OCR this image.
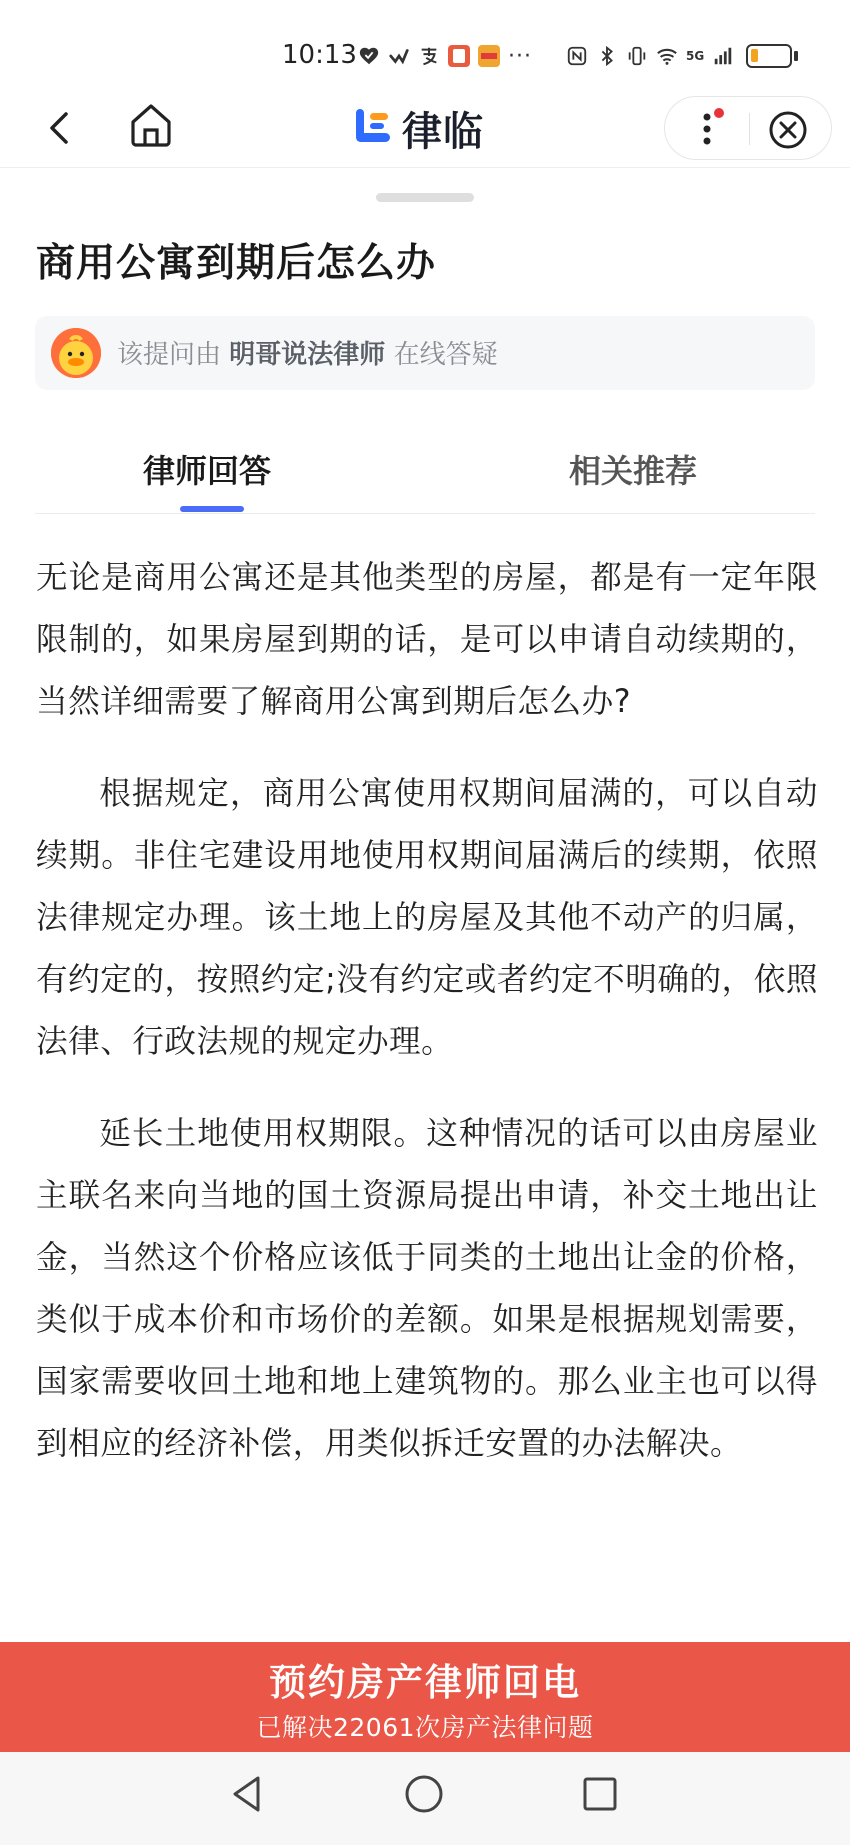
10:13	···	5G
律临
商用公寓到期后怎么办
该提问由 明哥说法律师 在线答疑
律师回答	相关推荐

无论是商用公寓还是其他类型的房屋，都是有一定年限限制的，如果房屋到期的话，是可以申请自动续期的，当然详细需要了解商用公寓到期后怎么办?

根据规定，商用公寓使用权期间届满的，可以自动续期。非住宅建设用地使用权期间届满后的续期，依照法律规定办理。该土地上的房屋及其他不动产的归属，有约定的，按照约定;没有约定或者约定不明确的，依照法律、行政法规的规定办理。

延长土地使用权期限。这种情况的话可以由房屋业主联名来向当地的国土资源局提出申请，补交土地出让金，当然这个价格应该低于同类的土地出让金的价格，类似于成本价和市场价的差额。如果是根据规划需要，国家需要收回土地和地上建筑物的。那么业主也可以得到相应的经济补偿，用类似拆迁安置的办法解决。

预约房产律师回电
已解决22061次房产法律问题
